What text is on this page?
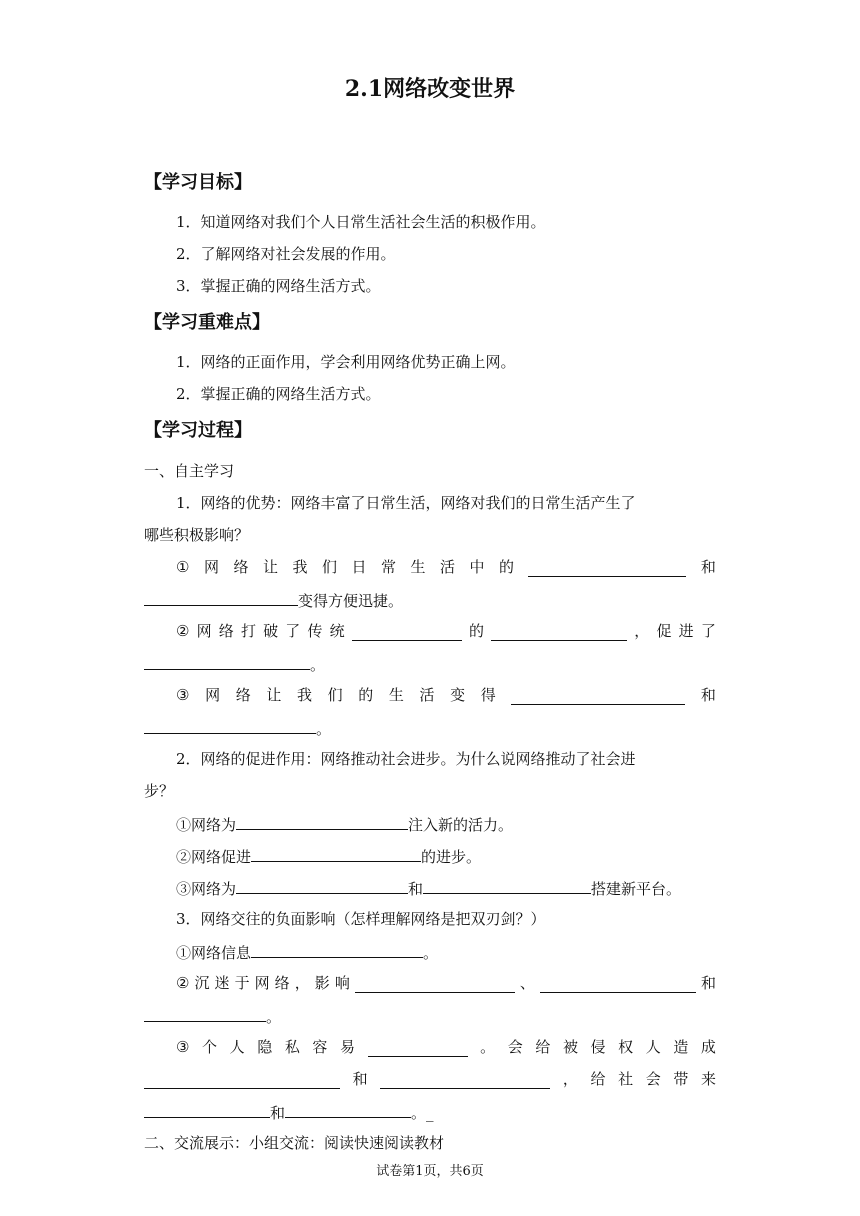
2.1网络改变世界
【学习目标】
1．知道网络对我们个人日常生活社会生活的积极作用。
2．了解网络对社会发展的作用。
3．掌握正确的网络生活方式。
【学习重难点】
1．网络的正面作用，学会利用网络优势正确上网。
2．掌握正确的网络生活方式。
【学习过程】
一、自主学习
1．网络的优势：网络丰富了日常生活，网络对我们的日常生活产生了
哪些积极影响？
① 网 络 让 我 们 日 常 生 活 中 的	和
变得方便迅捷。
② 网 络 打 破 了 传 统	的	， 促 进 了
。
③ 网 络 让 我 们 的 生 活 变 得	和
。
2．网络的促进作用：网络推动社会进步。为什么说网络推动了社会进
步？
①网络为	注入新的活力。
②网络促进	的进步。
③网络为	和	搭建新平台。
3．网络交往的负面影响（怎样理解网络是把双刃剑？）
①网络信息	。
② 沉 迷 于 网 络 ， 影 响	、	和
。
③ 个 人 隐 私 容 易	。 会 给 被 侵 权 人 造 成
和	， 给 社 会 带 来
和	。_
二、交流展示：小组交流：阅读快速阅读教材
试卷第1页，共6页
